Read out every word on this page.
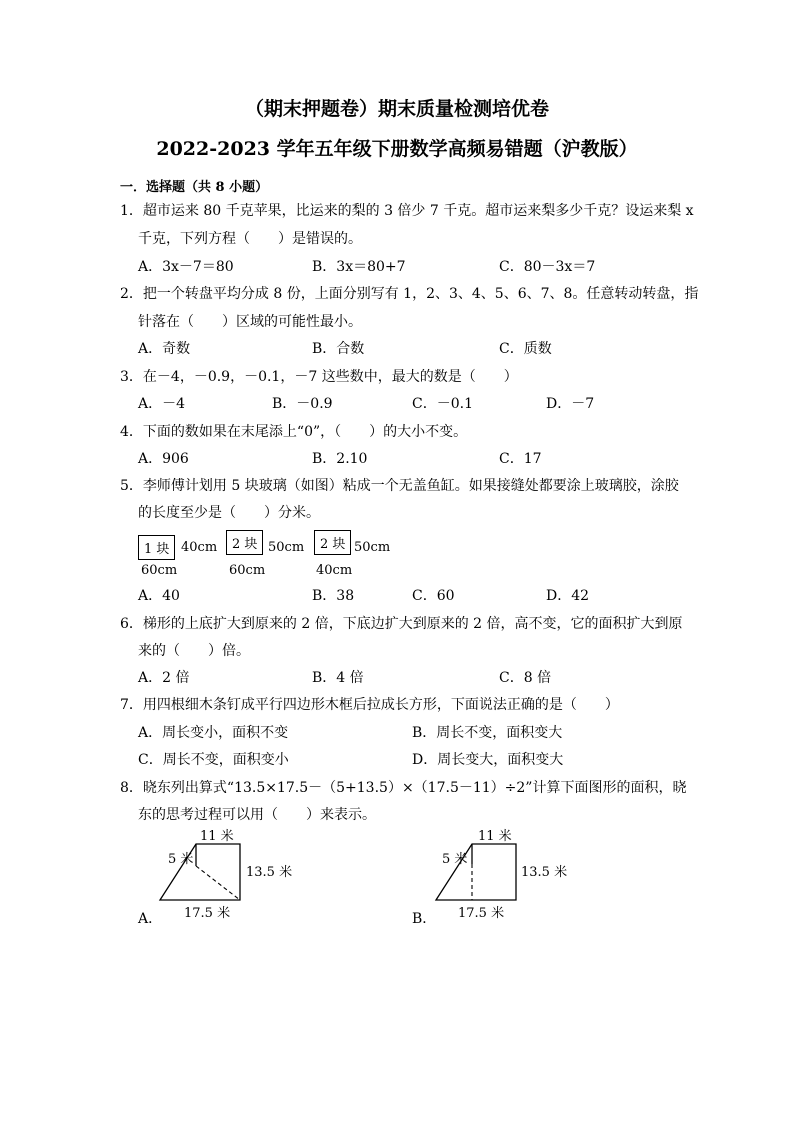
（期末押题卷）期末质量检测培优卷
2022-2023 学年五年级下册数学高频易错题（沪教版）
一．选择题（共 8 小题）
1．超市运来 80 千克苹果，比运来的梨的 3 倍少 7 千克。超市运来梨多少千克？设运来梨 x
千克，下列方程（　　）是错误的。
A．3x－7＝80	B．3x＝80+7	C．80－3x＝7
2．把一个转盘平均分成 8 份，上面分别写有 1，2、3、4、5、6、7、8。任意转动转盘，指
针落在（　　）区域的可能性最小。
A．奇数	B．合数	C．质数
3．在－4，－0.9，－0.1，－7 这些数中，最大的数是（　　）
A．－4	B．－0.9	C．－0.1	D．－7
4．下面的数如果在末尾添上“0”，（　　）的大小不变。
A．906	B．2.10	C．17
5．李师傅计划用 5 块玻璃（如图）粘成一个无盖鱼缸。如果接缝处都要涂上玻璃胶，涂胶
的长度至少是（　　）分米。
1 块 40cm
60cm
2 块 50cm
60cm
2 块 50cm
40cm
A．40	B．38	C．60	D．42
6．梯形的上底扩大到原来的 2 倍，下底边扩大到原来的 2 倍，高不变，它的面积扩大到原
来的（　　）倍。
A．2 倍	B．4 倍	C．8 倍
7．用四根细木条钉成平行四边形木框后拉成长方形，下面说法正确的是（　　）
A．周长变小，面积不变	B．周长不变，面积变大
C．周长不变，面积变小	D．周长变大，面积变大
8．晓东列出算式“13.5×17.5－（5+13.5）×（17.5－11）÷2”计算下面图形的面积，晓
东的思考过程可以用（　　）来表示。
A．
11 米
5 米
13.5 米
17.5 米	B．
11 米
5 米
13.5 米
17.5 米
